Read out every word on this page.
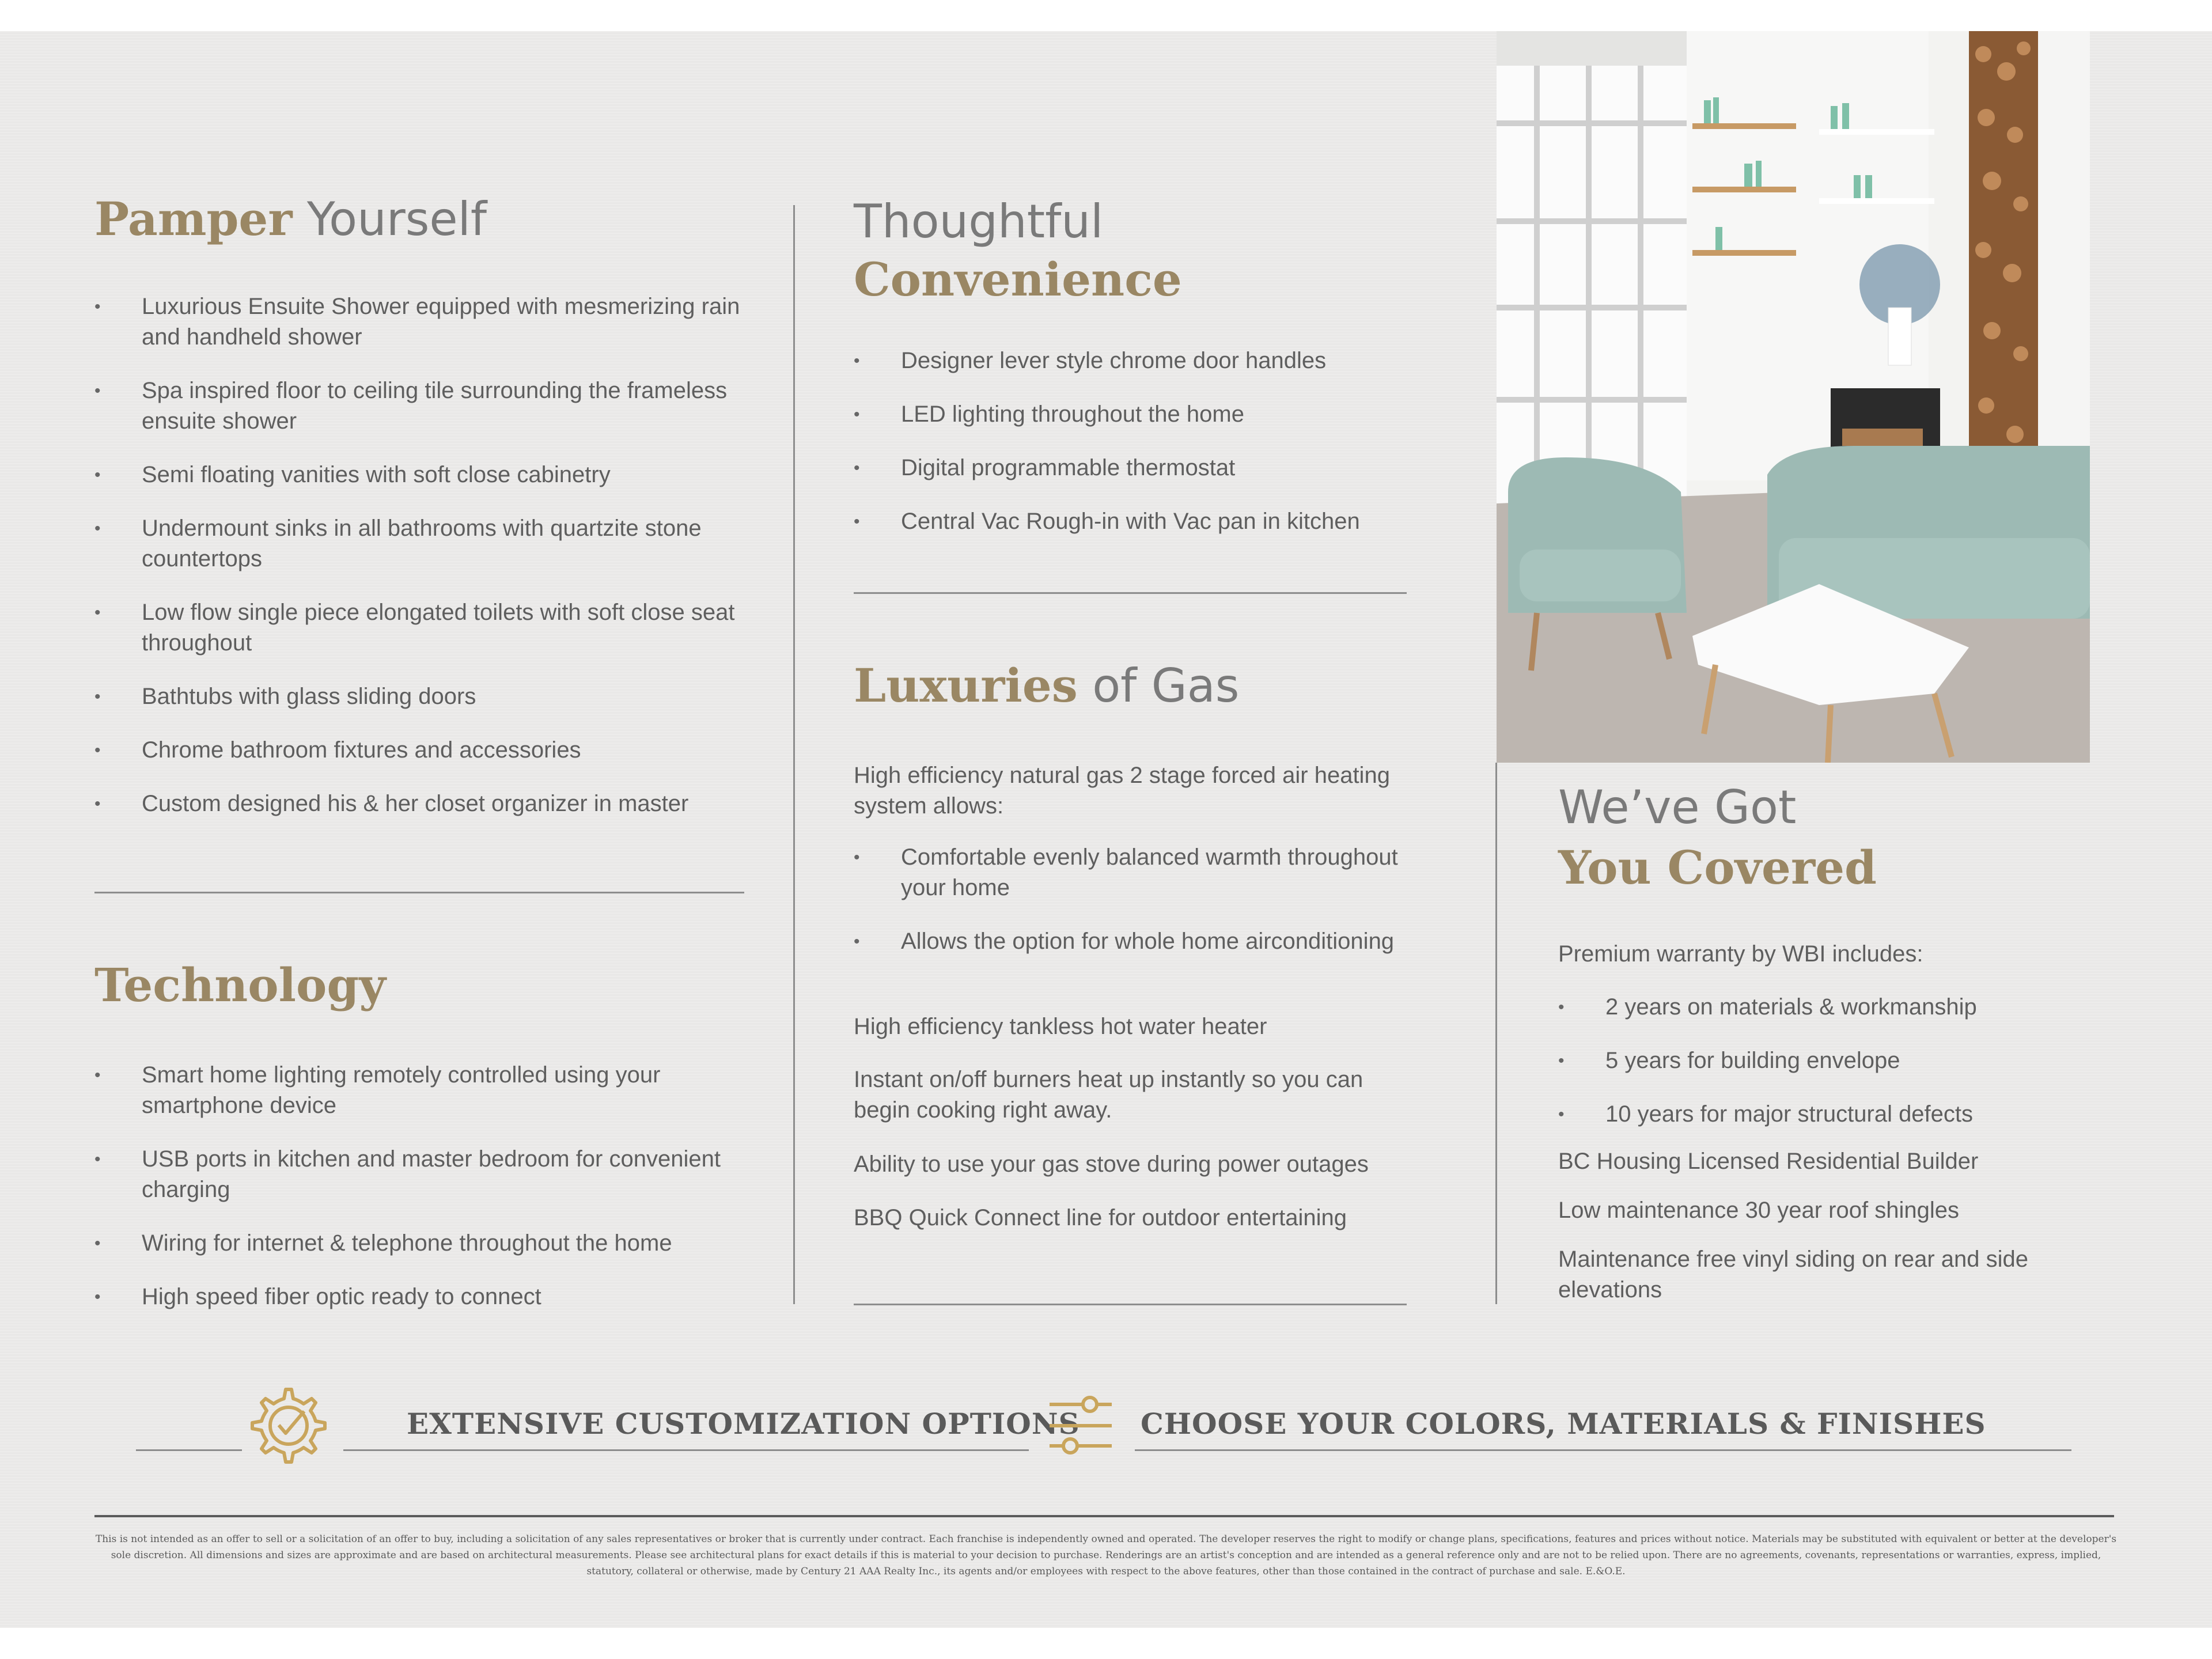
Pamper Yourself
• Luxurious Ensuite Shower equipped with mesmerizing rain and handheld shower
• Spa inspired floor to ceiling tile surrounding the frameless ensuite shower
• Semi floating vanities with soft close cabinetry
• Undermount sinks in all bathrooms with quartzite stone countertops
• Low flow single piece elongated toilets with soft close seat throughout
• Bathtubs with glass sliding doors
• Chrome bathroom fixtures and accessories
• Custom designed his & her closet organizer in master
Technology
• Smart home lighting remotely controlled using your smartphone device
• USB ports in kitchen and master bedroom for convenient charging
• Wiring for internet & telephone throughout the home
• High speed fiber optic ready to connect
Thoughtful
Convenience
• Designer lever style chrome door handles
• LED lighting throughout the home
• Digital programmable thermostat
• Central Vac Rough-in with Vac pan in kitchen
Luxuries of Gas
High efficiency natural gas 2 stage forced air heating system allows:
• Comfortable evenly balanced warmth throughout your home
• Allows the option for whole home airconditioning
High efficiency tankless hot water heater
Instant on/off burners heat up instantly so you can begin cooking right away.
Ability to use your gas stove during power outages
BBQ Quick Connect line for outdoor entertaining
We’ve Got
You Covered
Premium warranty by WBI includes:
• 2 years on materials & workmanship
• 5 years for building envelope
• 10 years for major structural defects
BC Housing Licensed Residential Builder
Low maintenance 30 year roof shingles
Maintenance free vinyl siding on rear and side elevations
EXTENSIVE CUSTOMIZATION OPTIONS CHOOSE YOUR COLORS, MATERIALS & FINISHES
This is not intended as an offer to sell or a solicitation of an offer to buy, including a solicitation of any sales representatives or broker that is currently under contract. Each franchise is independently owned and operated. The developer reserves the right to modify or change plans, specifications, features and prices without notice. Materials may be substituted with equivalent or better at the developer's sole discretion. All dimensions and sizes are approximate and are based on architectural measurements. Please see architectural plans for exact details if this is material to your decision to purchase. Renderings are an artist's conception and are intended as a general reference only and are not to be relied upon. There are no agreements, covenants, representations or warranties, express, implied, statutory, collateral or otherwise, made by Century 21 AAA Realty Inc., its agents and/or employees with respect to the above features, other than those contained in the contract of purchase and sale. E.&O.E.
